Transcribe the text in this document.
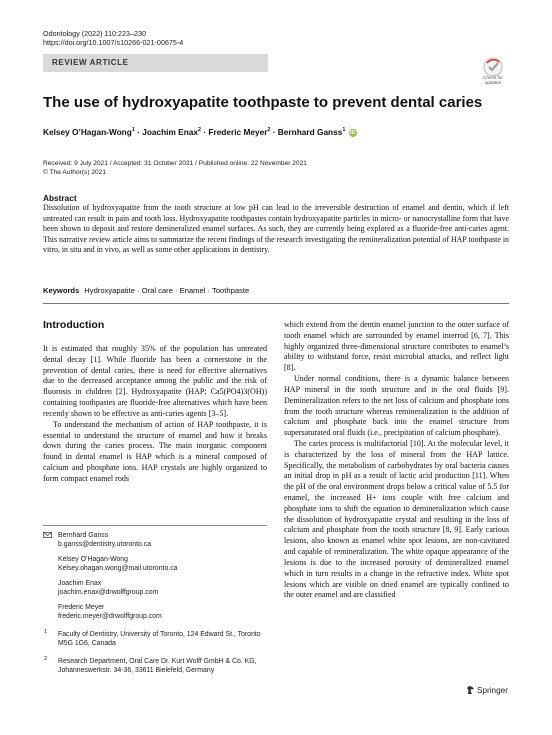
Odontology (2022) 110:223–230
https://doi.org/10.1007/s10266-021-00675-4
REVIEW ARTICLE
Check for
updates
The use of hydroxyapatite toothpaste to prevent dental caries
Kelsey O’Hagan‑Wong$^1$ · Joachim Enax$^2$ · Frederic Meyer$^2$ · Bernhard Ganss$^1$ iD
Received: 9 July 2021 / Accepted: 31 October 2021 / Published online: 22 November 2021
© The Author(s) 2021
Abstract
Dissolution of hydroxyapatite from the tooth structure at low pH can lead to the irreversible destruction of enamel and dentin, which if left untreated can result in pain and tooth loss. Hydroxyapatite toothpastes contain hydroxyapatite particles in micro- or nanocrystalline form that have been shown to deposit and restore demineralized enamel surfaces. As such, they are currently being explored as a fluoride-free anti-caries agent. This narrative review article aims to summarize the recent findings of the research investigating the remineralization potential of HAP toothpaste in vitro, in situ and in vivo, as well as some other applications in dentistry.
Keywords Hydroxyapatite · Oral care · Enamel · Toothpaste
Introduction

It is estimated that roughly 35% of the population has untreated dental decay [1]. While fluoride has been a cornerstone in the prevention of dental caries, there is need for effective alternatives due to the decreased acceptance among the public and the risk of fluorosis in children [2]. Hydroxyapatite (HAP; Ca5(PO4)3(OH)) containing toothpastes are fluoride-free alternatives which have been recently shown to be effective as anti-caries agents [3–5].

To understand the mechanism of action of HAP toothpaste, it is essential to understand the structure of enamel and how it breaks down during the caries process. The main inorganic component found in dental enamel is HAP which is a mineral composed of calcium and phosphate ions. HAP crystals are highly organized to form compact enamel rods

which extend from the dentin enamel junction to the outer surface of tooth enamel which are surrounded by enamel interrod [6, 7]. This highly organized three-dimensional structure contributes to enamel’s ability to withstand force, resist microbial attacks, and reflect light [8].

Under normal conditions, there is a dynamic balance between HAP mineral in the tooth structure and in the oral fluids [9]. Demineralization refers to the net loss of calcium and phosphate ions from the tooth structure whereas remineralization is the addition of calcium and phosphate back into the enamel structure from supersaturated oral fluids (i.e., precipitation of calcium phosphate).

The caries process is multifactorial [10]. At the molecular level, it is characterized by the loss of mineral from the HAP lattice. Specifically, the metabolism of carbohydrates by oral bacteria causes an initial drop in pH as a result of lactic acid production [11]. When the pH of the oral environment drops below a critical value of 5.5 for enamel, the increased H+ ions couple with free calcium and phosphate ions to shift the equation to demineralization which cause the dissolution of hydroxyapatite crystal and resulting in the loss of calcium and phosphate from the tooth structure [8, 9]. Early carious lesions, also known as enamel white spot lesions, are non-cavitated and capable of remineralization. The white opaque appearance of the lesions is due to the increased porosity of demineralized enamel which in turn results in a change in the refractive index. White spot lesions which are visible on dried enamel are typically confined to the outer enamel and are classified

Bernhard Ganss
b.ganss@dentistry.utoronto.ca
Kelsey O’Hagan-Wong
Kelsey.ohagan.wong@mail.utoronto.ca
Joachim Enax
joachim.enax@drwolffgroup.com
Frederic Meyer
frederic.meyer@drwolffgroup.com
1 Faculty of Dentistry, University of Toronto, 124 Edward St., Toronto M5G 1G6, Canada
2 Research Department, Oral Care Dr. Kurt Wolff GmbH & Co. KG, Johanneswerkstr. 34-36, 33611 Bielefeld, Germany
Springer
